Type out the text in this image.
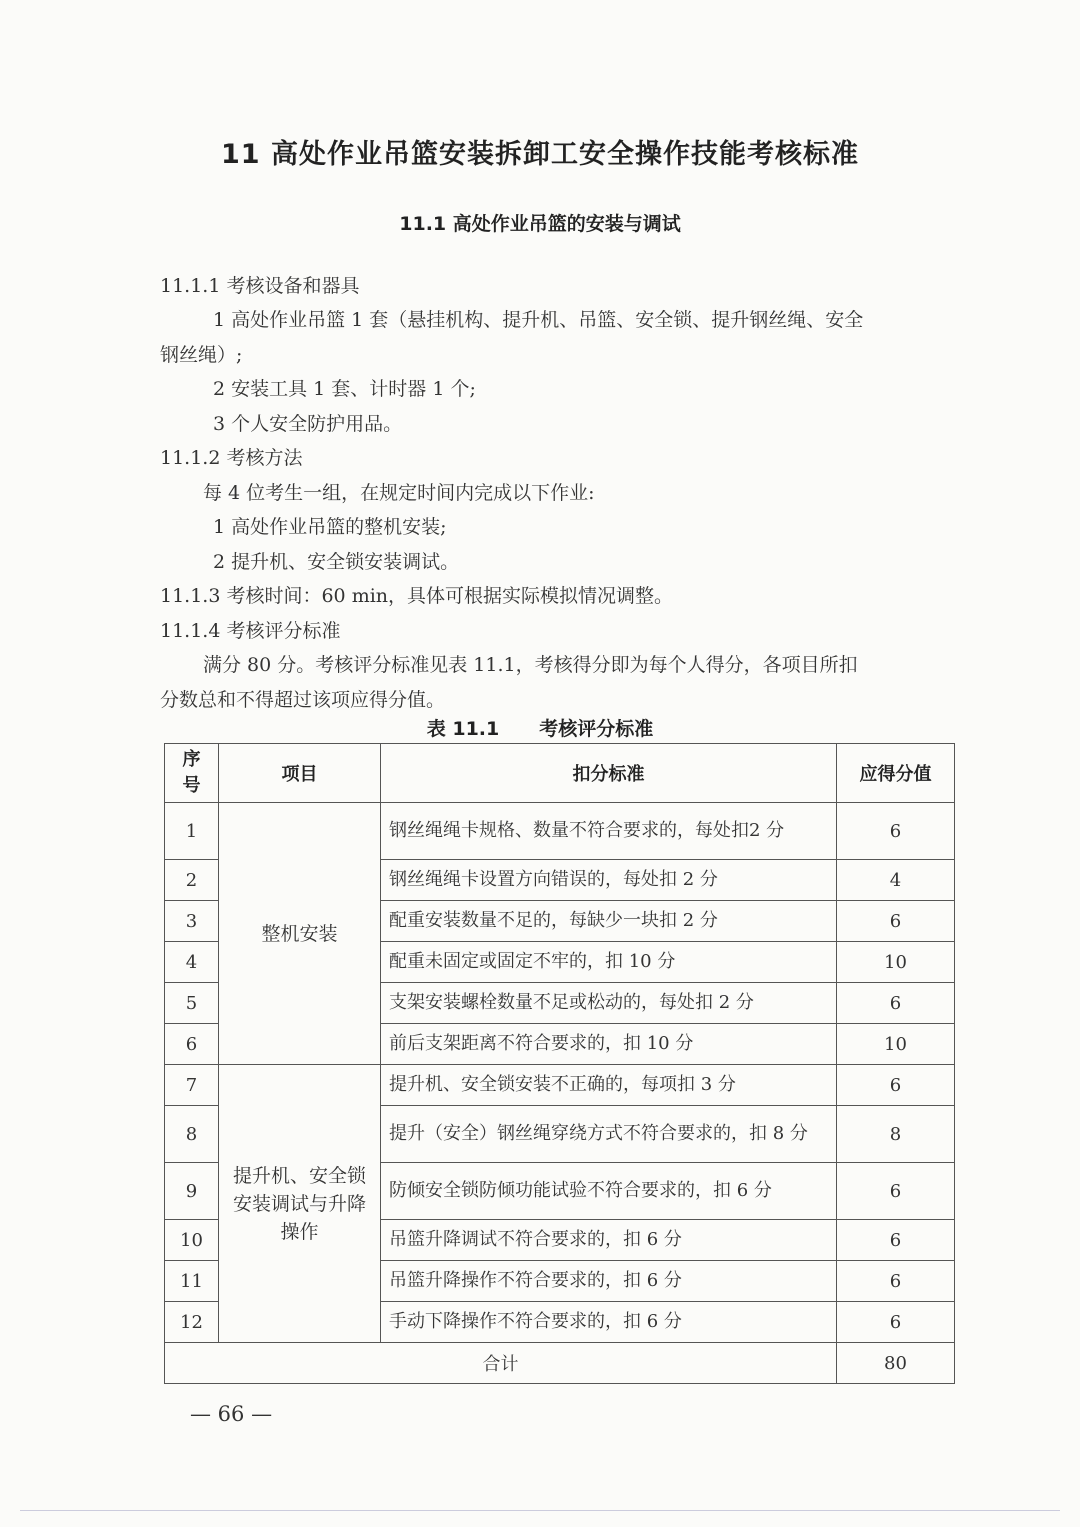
11 高处作业吊篮安装拆卸工安全操作技能考核标准
11.1 高处作业吊篮的安装与调试
11.1.1 考核设备和器具
1 高处作业吊篮 1 套（悬挂机构、提升机、吊篮、安全锁、提升钢丝绳、安全
钢丝绳）;
2 安装工具 1 套、计时器 1 个;
3 个人安全防护用品。
11.1.2 考核方法
每 4 位考生一组，在规定时间内完成以下作业:
1 高处作业吊篮的整机安装;
2 提升机、安全锁安装调试。
11.1.3 考核时间：60 min，具体可根据实际模拟情况调整。
11.1.4 考核评分标准
满分 80 分。考核评分标准见表 11.1，考核得分即为每个人得分，各项目所扣
分数总和不得超过该项应得分值。
表 11.1 考核评分标准
序
号	项目	扣分标准	应得分值
1	整机安装	钢丝绳绳卡规格、数量不符合要求的，每处扣2 分	6
2		钢丝绳绳卡设置方向错误的，每处扣 2 分	4
3		配重安装数量不足的，每缺少一块扣 2 分	6
4		配重未固定或固定不牢的，扣 10 分	10
5		支架安装螺栓数量不足或松动的，每处扣 2 分	6
6		前后支架距离不符合要求的，扣 10 分	10
7	提升机、安全锁安装调试与升降操作	提升机、安全锁安装不正确的，每项扣 3 分	6
8		提升（安全）钢丝绳穿绕方式不符合要求的，扣 8 分	8
9		防倾安全锁防倾功能试验不符合要求的，扣 6 分	6
10		吊篮升降调试不符合要求的，扣 6 分	6
11		吊篮升降操作不符合要求的，扣 6 分	6
12		手动下降操作不符合要求的，扣 6 分	6
合计			80
— 66 —
